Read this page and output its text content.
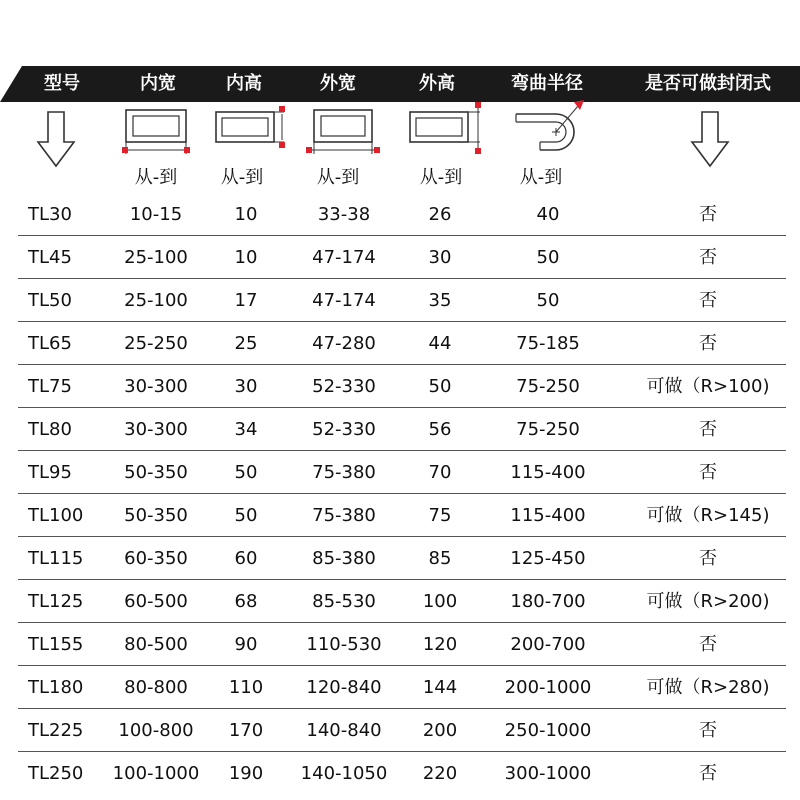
型号	内宽	内高	外宽	外高	弯曲半径	是否可做封闭式
从-到 从-到	从-到	从-到	从-到
TL30	10-15	10	33-38	26	40	否
TL45	25-100	10	47-174	30	50	否
TL50	25-100	17	47-174	35	50	否
TL65	25-250	25	47-280	44	75-185	否
TL75	30-300	30	52-330	50	75-250	可做（R>100)
TL80	30-300	34	52-330	56	75-250	否
TL95	50-350	50	75-380	70	115-400	否
TL100 50-350	50	75-380	75	115-400	可做（R>145)
TL115 60-350	60	85-380	85	125-450	否
TL125 60-500	68	85-530	100	180-700	可做（R>200)
TL155 80-500	90	110-530 120	200-700	否
TL180 80-800 110 120-840 144	200-1000	可做（R>280)
TL225 100-800 170 140-840 200	250-1000	否
TL250 100-1000 190 140-1050 220	300-1000	否
